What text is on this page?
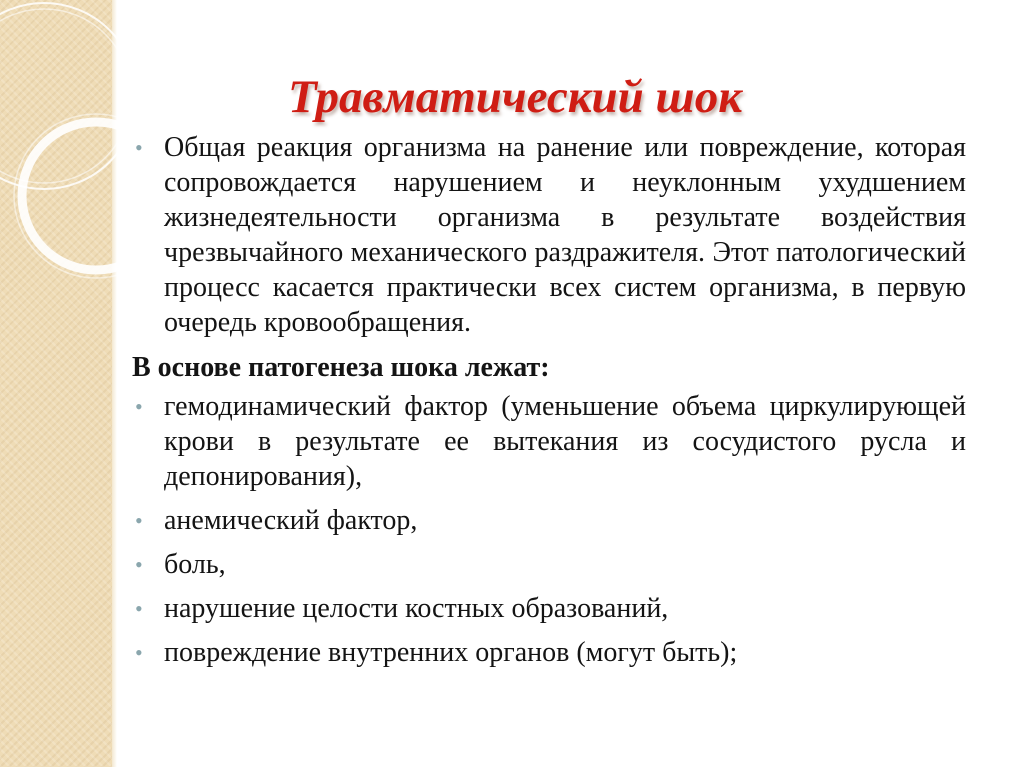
Травматический шок
• Общая реакция организма на ранение или повреждение, которая сопровождается нарушением и неуклонным ухудшением жизнедеятельности организма в результате воздействия чрезвычайного механического раздражителя. Этот патологический процесс касается практически всех систем организма, в первую очередь кровообращения.
В основе патогенеза шока лежат:
• гемодинамический фактор (уменьшение объема циркулирующей крови в результате ее вытекания из сосудистого русла и депонирования),
• анемический фактор,
• боль,
• нарушение целости костных образований,
• повреждение внутренних органов (могут быть);
